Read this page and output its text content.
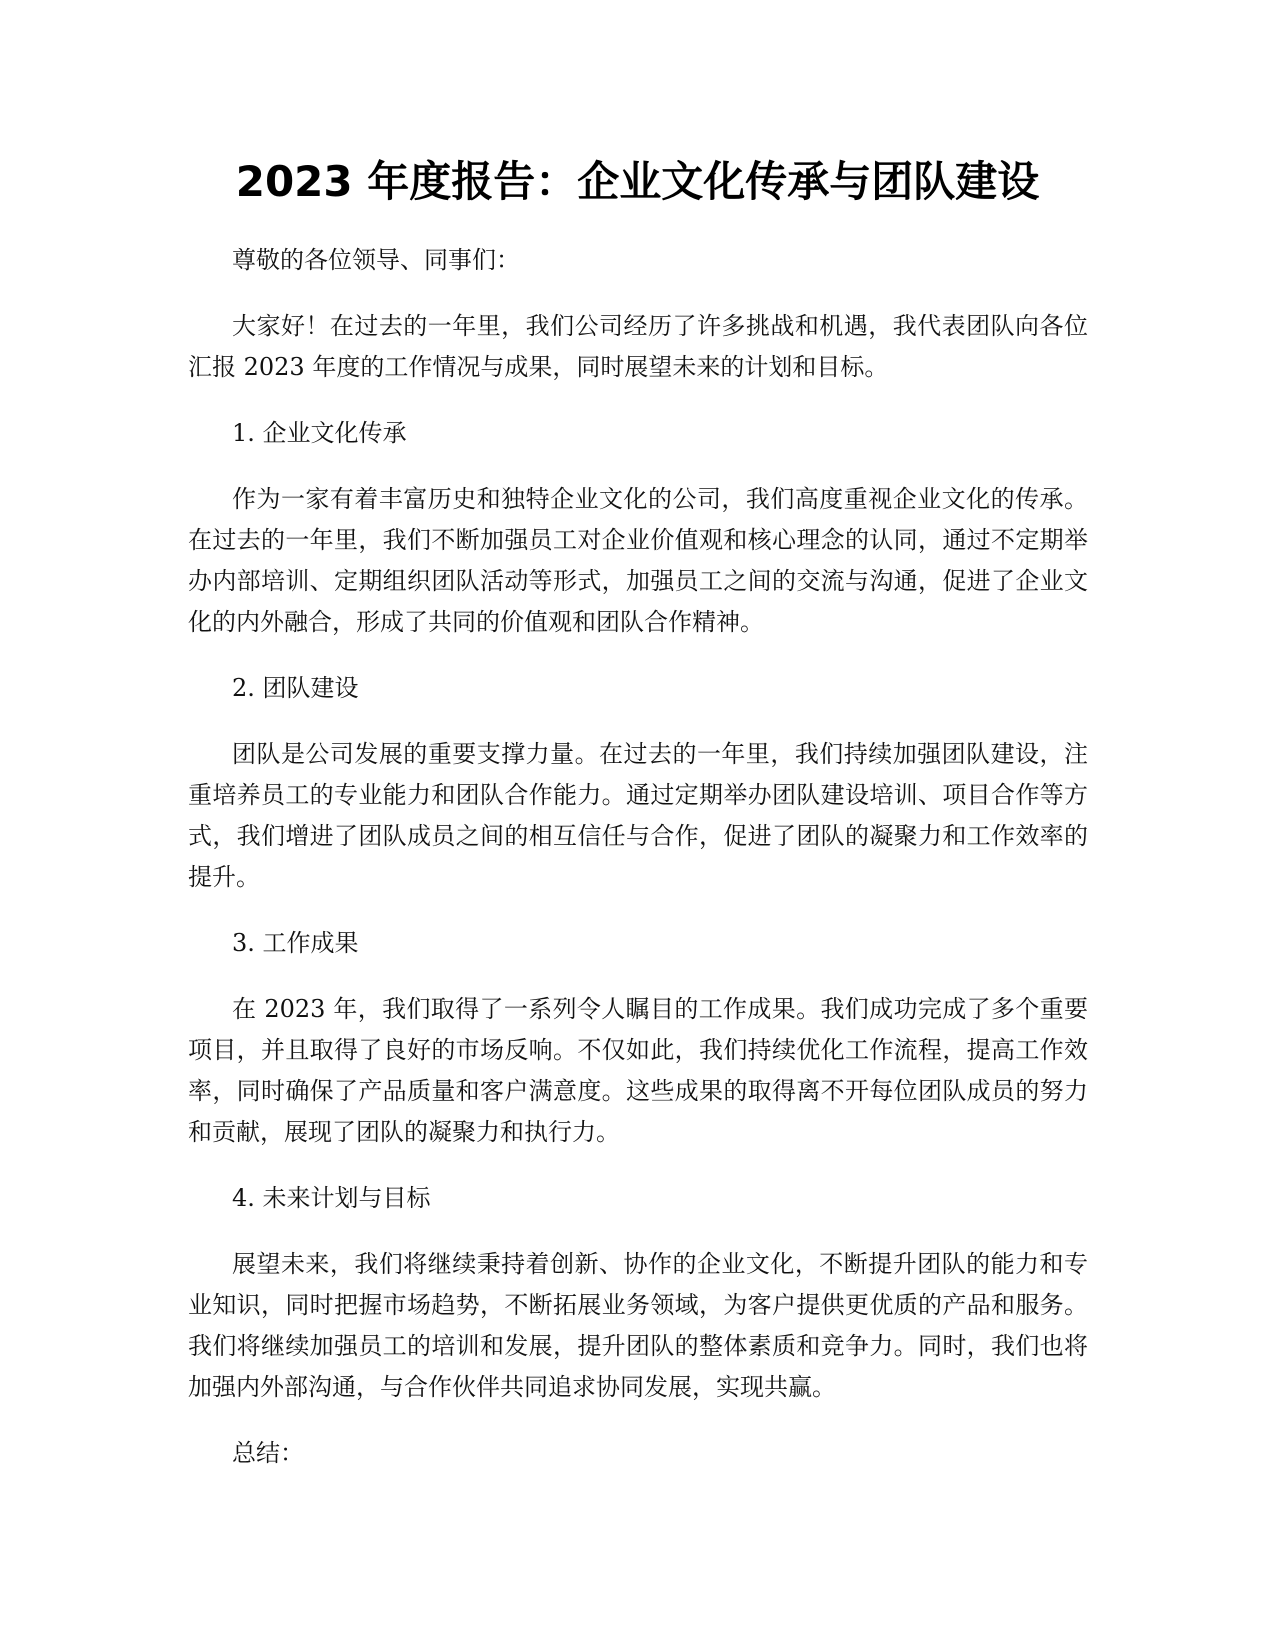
2023 年度报告：企业文化传承与团队建设

尊敬的各位领导、同事们：

大家好！在过去的一年里，我们公司经历了许多挑战和机遇，我代表团队向各位汇报 2023 年度的工作情况与成果，同时展望未来的计划和目标。

1. 企业文化传承

作为一家有着丰富历史和独特企业文化的公司，我们高度重视企业文化的传承。在过去的一年里，我们不断加强员工对企业价值观和核心理念的认同，通过不定期举办内部培训、定期组织团队活动等形式，加强员工之间的交流与沟通，促进了企业文化的内外融合，形成了共同的价值观和团队合作精神。

2. 团队建设

团队是公司发展的重要支撑力量。在过去的一年里，我们持续加强团队建设，注重培养员工的专业能力和团队合作能力。通过定期举办团队建设培训、项目合作等方式，我们增进了团队成员之间的相互信任与合作，促进了团队的凝聚力和工作效率的提升。

3. 工作成果

在 2023 年，我们取得了一系列令人瞩目的工作成果。我们成功完成了多个重要项目，并且取得了良好的市场反响。不仅如此，我们持续优化工作流程，提高工作效率，同时确保了产品质量和客户满意度。这些成果的取得离不开每位团队成员的努力和贡献，展现了团队的凝聚力和执行力。

4. 未来计划与目标

展望未来，我们将继续秉持着创新、协作的企业文化，不断提升团队的能力和专业知识，同时把握市场趋势，不断拓展业务领域，为客户提供更优质的产品和服务。我们将继续加强员工的培训和发展，提升团队的整体素质和竞争力。同时，我们也将加强内外部沟通，与合作伙伴共同追求协同发展，实现共赢。

总结：
